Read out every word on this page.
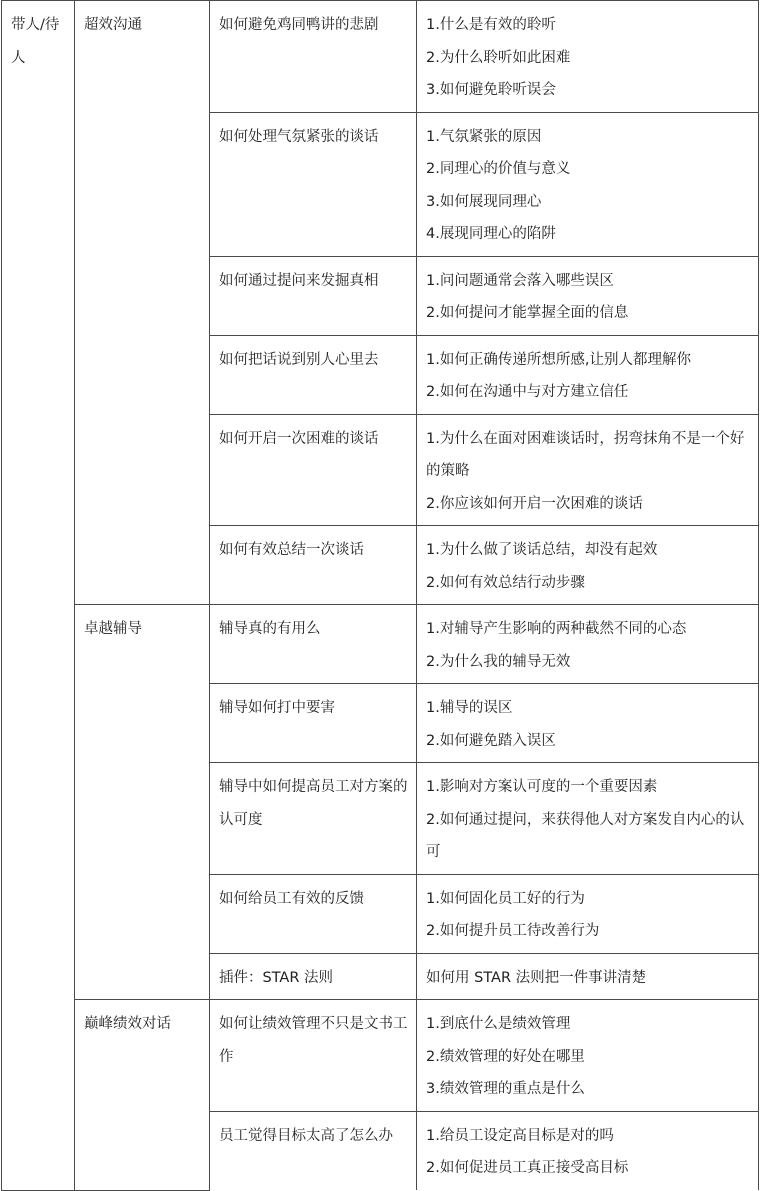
带人/待人	超效沟通	如何避免鸡同鸭讲的悲剧	1.什么是有效的聆听
2.为什么聆听如此困难
3.如何避免聆听误会

		如何处理气氛紧张的谈话	1.气氛紧张的原因
2.同理心的价值与意义
3.如何展现同理心
4.展现同理心的陷阱

		如何通过提问来发掘真相	1.问问题通常会落入哪些误区
2.如何提问才能掌握全面的信息

		如何把话说到别人心里去	1.如何正确传递所想所感,让别人都理解你
2.如何在沟通中与对方建立信任

		如何开启一次困难的谈话	1.为什么在面对困难谈话时，拐弯抹角不是一个好的策略
2.你应该如何开启一次困难的谈话

		如何有效总结一次谈话	1.为什么做了谈话总结，却没有起效
2.如何有效总结行动步骤

	卓越辅导	辅导真的有用么	1.对辅导产生影响的两种截然不同的心态
2.为什么我的辅导无效

		辅导如何打中要害	1.辅导的误区
2.如何避免踏入误区

		辅导中如何提高员工对方案的认可度	1.影响对方案认可度的一个重要因素
2.如何通过提问，来获得他人对方案发自内心的认可

		如何给员工有效的反馈	1.如何固化员工好的行为
2.如何提升员工待改善行为

		插件：STAR 法则	如何用 STAR 法则把一件事讲清楚

	巅峰绩效对话	如何让绩效管理不只是文书工作	1.到底什么是绩效管理
2.绩效管理的好处在哪里
3.绩效管理的重点是什么

		员工觉得目标太高了怎么办	1.给员工设定高目标是对的吗
2.如何促进员工真正接受高目标
